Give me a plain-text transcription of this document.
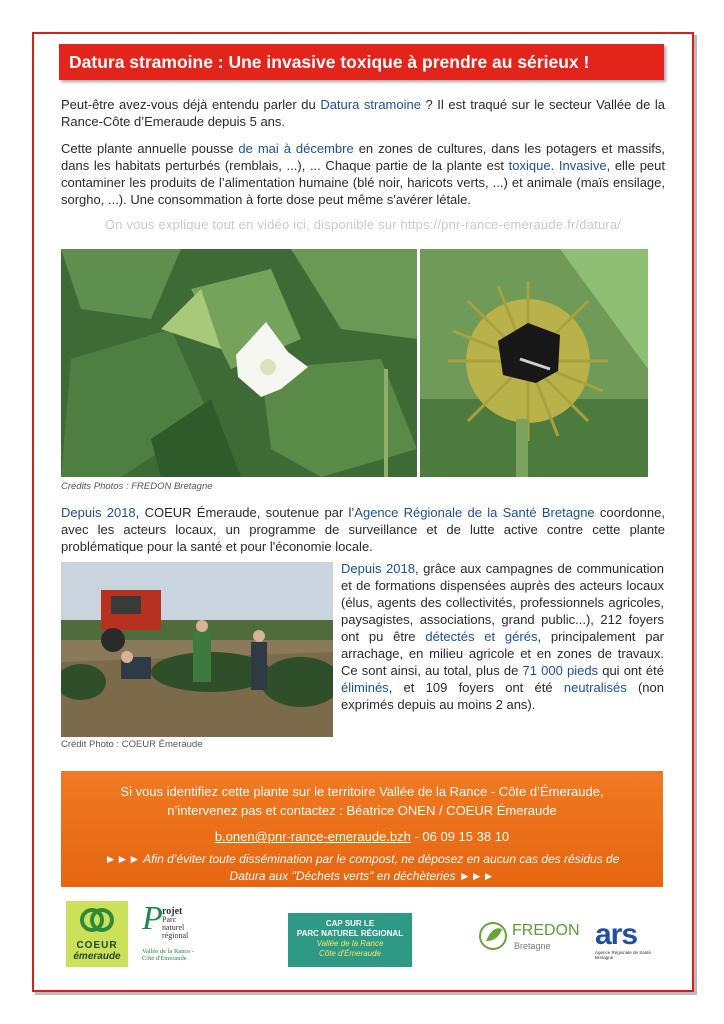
Datura stramoine : Une invasive toxique à prendre au sérieux !
Peut-être avez-vous déjà entendu parler du Datura stramoine ? Il est traqué sur le secteur Vallée de la Rance-Côte d’Emeraude depuis 5 ans.
Cette plante annuelle pousse de mai à décembre en zones de cultures, dans les potagers et massifs, dans les habitats perturbés (remblais, ...), ... Chaque partie de la plante est toxique. Invasive, elle peut contaminer les produits de l’alimentation humaine (blé noir, haricots verts, ...) et animale (maïs ensilage, sorgho, ...). Une consommation à forte dose peut même s'avérer létale.
On vous explique tout en vidéo ici, disponible sur https://pnr-rance-emeraude.fr/datura/
Crédits Photos : FREDON Bretagne
Depuis 2018, COEUR Émeraude, soutenue par l’Agence Régionale de la Santé Bretagne coordonne, avec les acteurs locaux, un programme de surveillance et de lutte active contre cette plante problématique pour la santé et pour l'économie locale.
Crédit Photo : COEUR Émeraude
Depuis 2018, grâce aux campagnes de communication et de formations dispensées auprès des acteurs locaux (élus, agents des collectivités, professionnels agricoles, paysagistes, associations, grand public...), 212 foyers ont pu être détectés et gérés, principalement par arrachage, en milieu agricole et en zones de travaux. Ce sont ainsi, au total, plus de 71 000 pieds qui ont été éliminés, et 109 foyers ont été neutralisés (non exprimés depuis au moins 2 ans).
Si vous identifiez cette plante sur le territoire Vallée de la Rance - Côte d’Émeraude,
n’intervenez pas et contactez : Béatrice ONEN / COEUR Émeraude
b.onen@pnr-rance-emeraude.bzh - 06 09 15 38 10
►►► Afin d’éviter toute dissémination par le compost, ne déposez en aucun cas des résidus de
Datura aux "Déchets verts" en déchèteries ►►►
COEUR
émeraude
P rojet
Parc
naturel
régional
Vallée de la Rance -
Côte d'Émeraude
CAP SUR LE
PARC NATUREL RÉGIONAL
Vallée de la Rance
Côte d'Émeraude
FREDON
Bretagne ars
Agence Régionale de Santé
Bretagne
